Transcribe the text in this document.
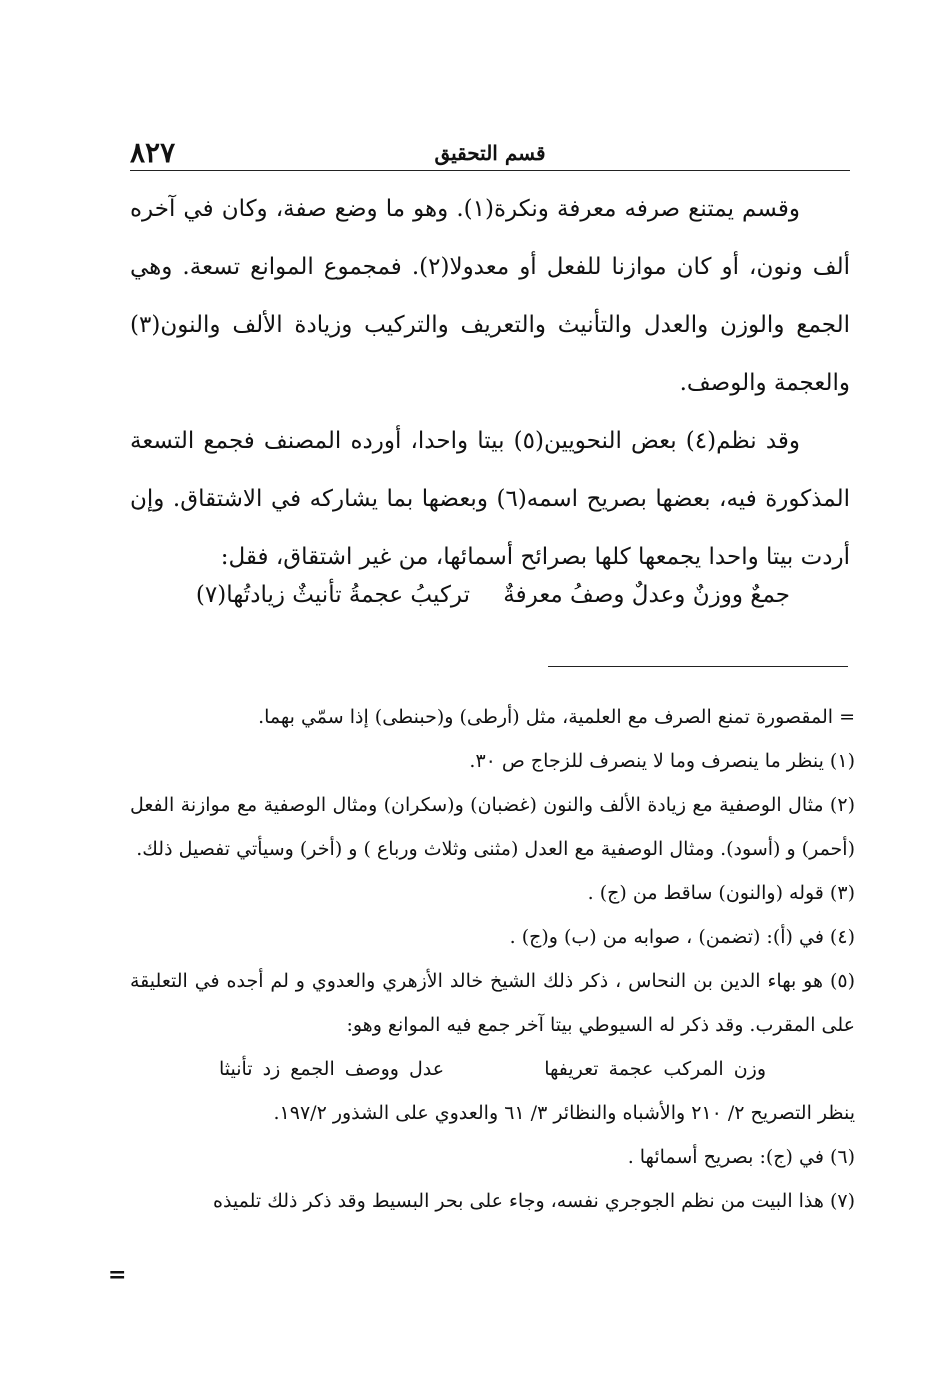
٨٢٧	قسم التحقيق

وقسم يمتنع صرفه معرفة ونكرة(١). وهو ما وضع صفة، وكان في آخره ألف ونون، أو كان موازنا للفعل أو معدولا(٢). فمجموع الموانع تسعة. وهي الجمع والوزن والعدل والتأنيث والتعريف والتركيب وزيادة الألف والنون(٣) والعجمة والوصف.

وقد نظم(٤) بعض النحويين(٥) بيتا واحدا، أورده المصنف فجمع التسعة المذكورة فيه، بعضها بصريح اسمه(٦) وبعضها بما يشاركه في الاشتقاق. وإن أردت بيتا واحدا يجمعها كلها بصرائح أسمائها، من غير اشتقاق، فقل:

جمعٌ ووزنٌ وعدلٌ وصفُ معرفةٌ
تركيبُ عجمةُ تأنيثٌ زيادتُها(٧)

= المقصورة تمنع الصرف مع العلمية، مثل (أرطى) و(حبنطى) إذا سمّي بهما.

(١) ينظر ما ينصرف وما لا ينصرف للزجاج ص ٣٠.

(٢) مثال الوصفية مع زيادة الألف والنون (غضبان) و(سكران) ومثال الوصفية مع موازنة الفعل (أحمر) و (أسود). ومثال الوصفية مع العدل (مثنى وثلاث ورباع ) و (أخر) وسيأتي تفصيل ذلك.

(٣) قوله (والنون) ساقط من (ج) .

(٤) في (أ): (تضمن) ، صوابه من (ب) و(ج) .

(٥) هو بهاء الدين بن النحاس ، ذكر ذلك الشيخ خالد الأزهري والعدوي و لم أجده في التعليقة على المقرب. وقد ذكر له السيوطي بيتا آخر جمع فيه الموانع وهو:

وزن المركب عجمة تعريفها  عدل ووصف الجمع زد تأنيثا

ينظر التصريح ٢/ ٢١٠ والأشباه والنظائر ٣/ ٦١ والعدوي على الشذور ١٩٧/٢.

(٦) في (ج): بصريح أسمائها .

(٧) هذا البيت من نظم الجوجري نفسه، وجاء على بحر البسيط وقد ذكر ذلك تلميذه

=
